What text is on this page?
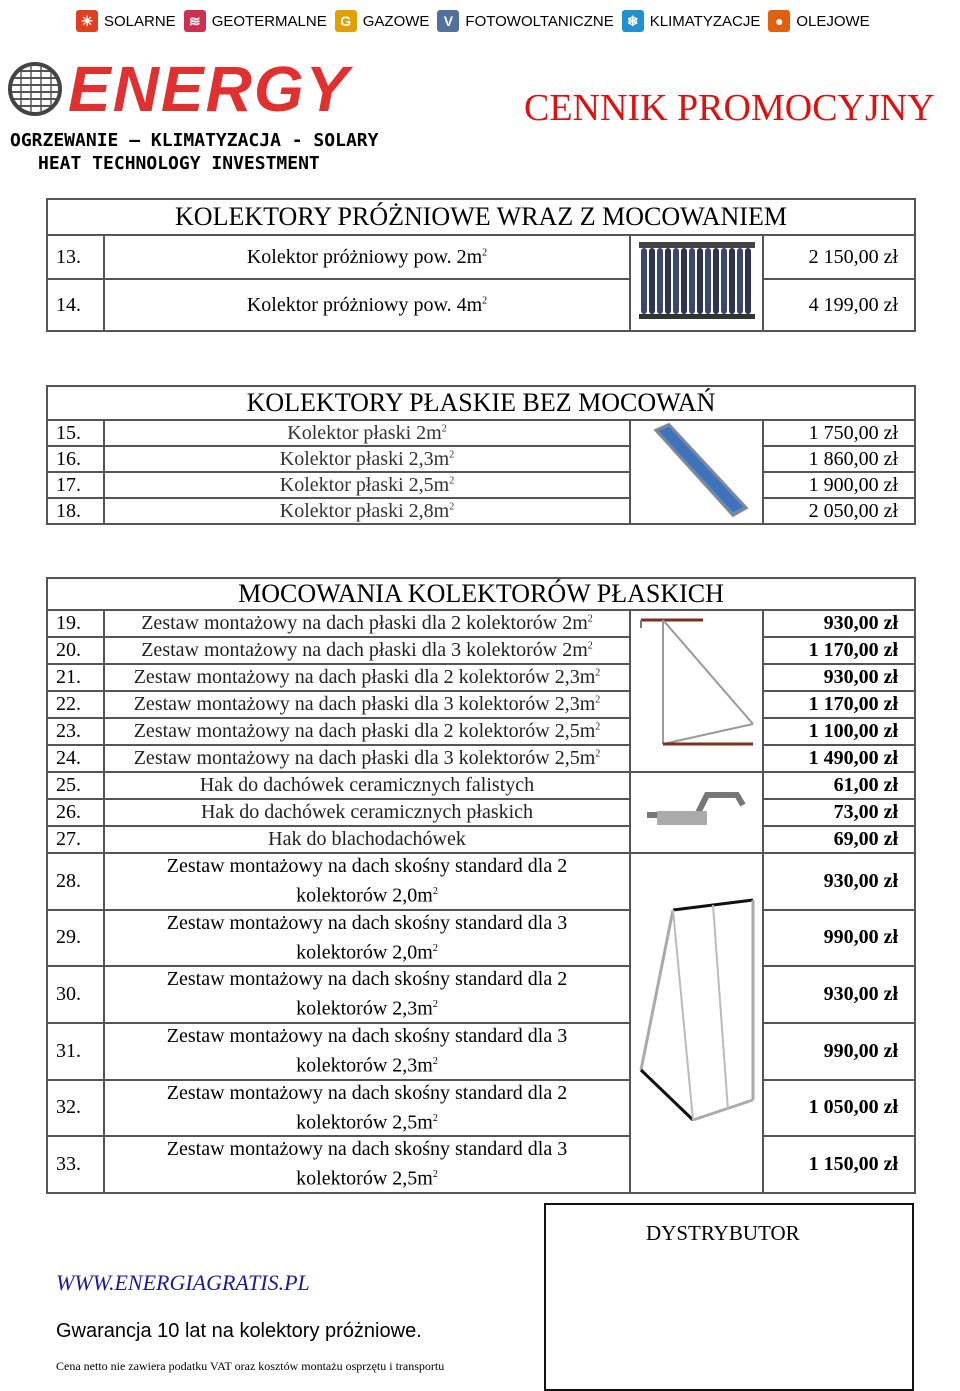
☀ SOLARNE ≋ GEOTERMALNE G GAZOWE	V FOTOWOLTANICZNE ❄ KLIMATYZACJE	● OLEJOWE
ENERGY
OGRZEWANIE – KLIMATYZACJA - SOLARY
HEAT TECHNOLOGY INVESTMENT
CENNIK PROMOCYJNY
KOLEKTORY PRÓŻNIOWE WRAZ Z MOCOWANIEM			
13.	Kolektor próżniowy pow. $2m^2$		2 150,00 zł
14.	Kolektor próżniowy pow. $4m^2$		4 199,00 zł
KOLEKTORY PŁASKIE BEZ MOCOWAŃ			
15.	Kolektor płaski $2m^2$		1 750,00 zł
16.	Kolektor płaski $2,3m^2$		1 860,00 zł
17.	Kolektor płaski $2,5m^2$		1 900,00 zł
18.	Kolektor płaski $2,8m^2$		2 050,00 zł
MOCOWANIA KOLEKTORÓW PŁASKICH			
19.	Zestaw montażowy na dach płaski dla 2 kolektorów $2m^2$		930,00 zł
20.	Zestaw montażowy na dach płaski dla 3 kolektorów $2m^2$		1 170,00 zł
21.	Zestaw montażowy na dach płaski dla 2 kolektorów $2,3m^2$		930,00 zł
22.	Zestaw montażowy na dach płaski dla 3 kolektorów $2,3m^2$		1 170,00 zł
23.	Zestaw montażowy na dach płaski dla 2 kolektorów $2,5m^2$		1 100,00 zł
24.	Zestaw montażowy na dach płaski dla 3 kolektorów $2,5m^2$		1 490,00 zł
25.	Hak do dachówek ceramicznych falistych		61,00 zł
26.	Hak do dachówek ceramicznych płaskich		73,00 zł
27.	Hak do blachodachówek		69,00 zł
28.	Zestaw montażowy na dach skośny standard dla 2
kolektorów $2,0m^2$		930,00 zł
29.	Zestaw montażowy na dach skośny standard dla 3
kolektorów $2,0m^2$		990,00 zł
30.	Zestaw montażowy na dach skośny standard dla 2
kolektorów $2,3m^2$		930,00 zł
31.	Zestaw montażowy na dach skośny standard dla 3
kolektorów $2,3m^2$		990,00 zł
32.	Zestaw montażowy na dach skośny standard dla 2
kolektorów $2,5m^2$		1 050,00 zł
33.	Zestaw montażowy na dach skośny standard dla 3
kolektorów $2,5m^2$		1 150,00 zł
DYSTRYBUTOR
WWW.ENERGIAGRATIS.PL
Gwarancja 10 lat na kolektory próżniowe.
Cena netto nie zawiera podatku VAT oraz kosztów montażu osprzętu i transportu
